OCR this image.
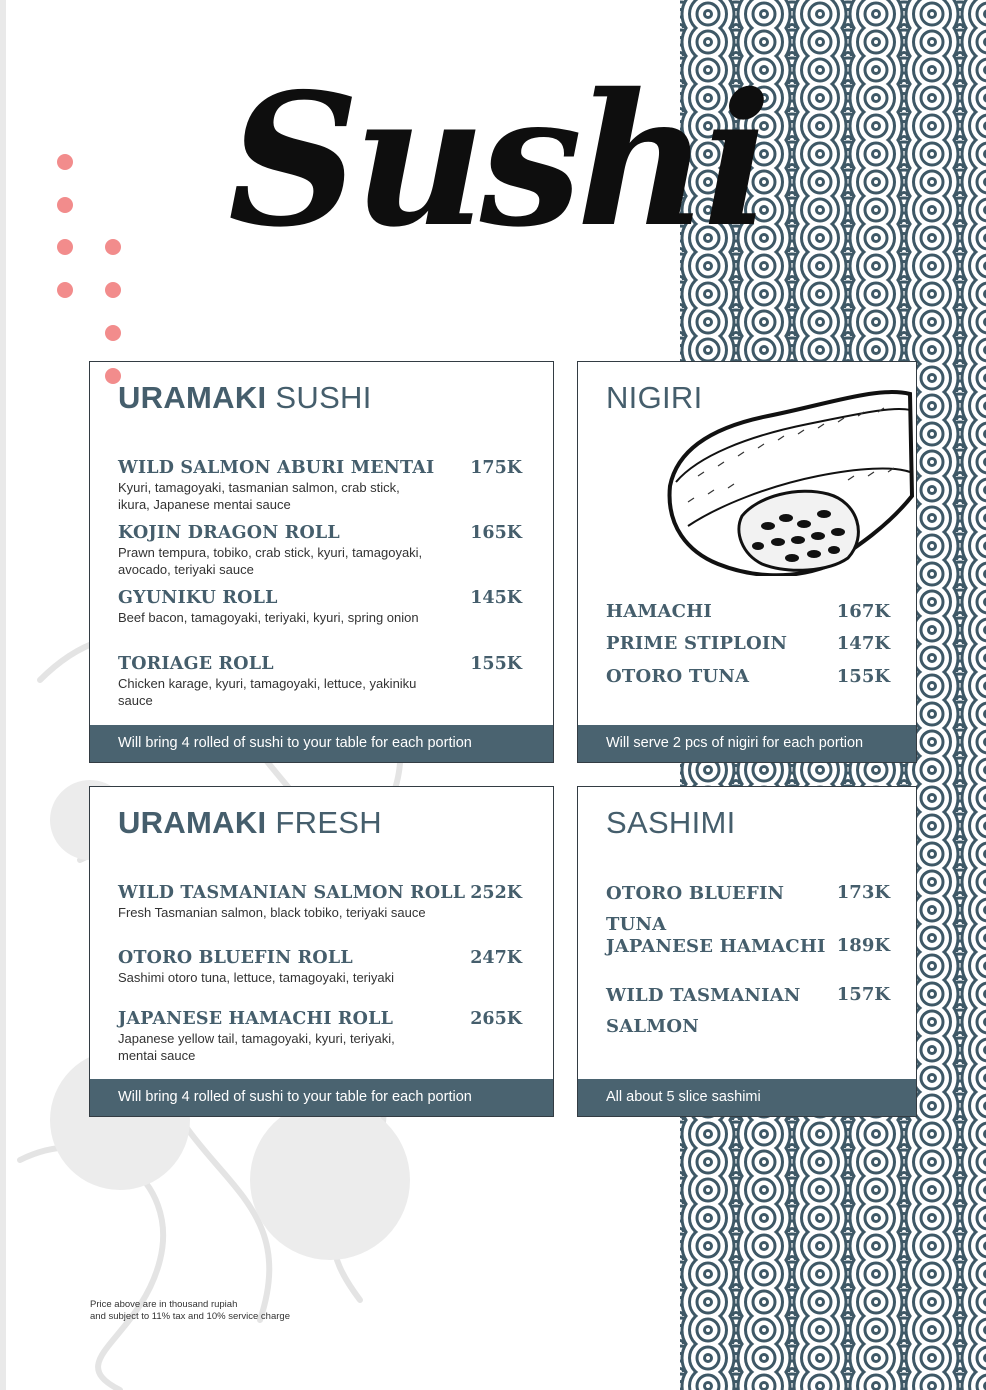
Sushi
URAMAKI SUSHI
WILD SALMON ABURI MENTAI
Kyuri, tamagoyaki, tasmanian salmon, crab stick, ikura, Japanese mentai sauce
175K
KOJIN DRAGON ROLL
Prawn tempura, tobiko, crab stick, kyuri, tamagoyaki, avocado, teriyaki sauce
165K
GYUNIKU ROLL
Beef bacon, tamagoyaki, teriyaki, kyuri, spring onion
145K
TORIAGE ROLL
Chicken karage, kyuri, tamagoyaki, lettuce, yakiniku sauce
155K
Will bring 4 rolled of sushi to your table for each portion
NIGIRI
HAMACHI	167K
PRIME STIPLOIN	147K
OTORO TUNA	155K
Will serve 2 pcs of nigiri for each portion
URAMAKI FRESH
WILD TASMANIAN SALMON ROLL
Fresh Tasmanian salmon, black tobiko, teriyaki sauce
252K
OTORO BLUEFIN ROLL
Sashimi otoro tuna, lettuce, tamagoyaki, teriyaki
247K
JAPANESE HAMACHI ROLL
Japanese yellow tail, tamagoyaki, kyuri, teriyaki, mentai sauce
265K
Will bring 4 rolled of sushi to your table for each portion
SASHIMI
OTORO BLUEFIN TUNA
173K
JAPANESE HAMACHI 189K
WILD TASMANIAN SALMON
157K
All about 5 slice sashimi
Price above are in thousand rupiah
and subject to 11% tax and 10% service charge
